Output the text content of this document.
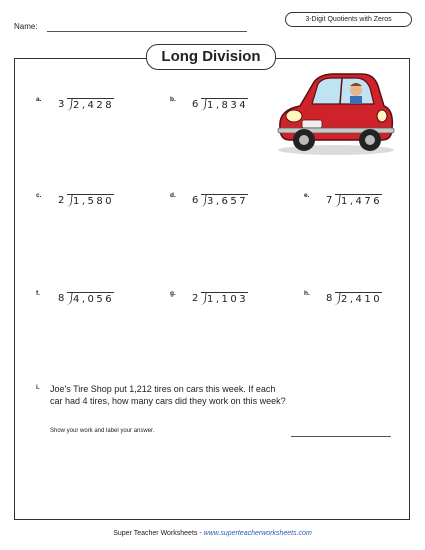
Name:
3-Digit Quotients with Zeros
Long Division
a. 3 2,428
b. 6 1,834
c. 2 1,580
d. 6 3,657
e. 7 1,476
f. 8 4,056
g. 2 1,103
h. 8 2,410
i. Joe's Tire Shop put 1,212 tires on cars this week. If each car had 4 tires, how many cars did they work on this week?
Show your work and label your answer.
Super Teacher Worksheets - www.superteacherworksheets.com
